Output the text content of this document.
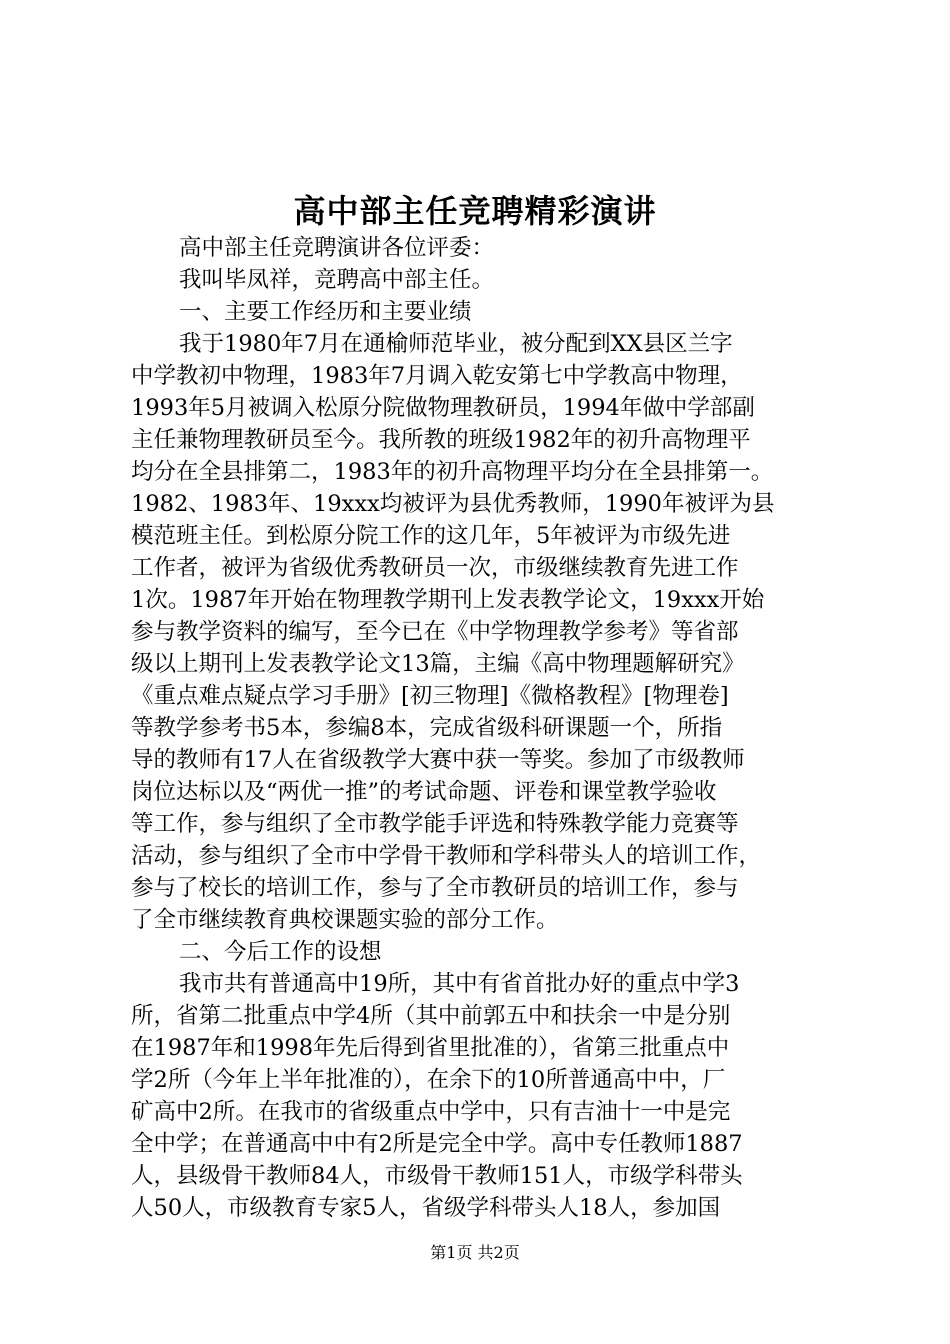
高中部主任竞聘精彩演讲

高中部主任竞聘演讲各位评委：

我叫毕凤祥，竞聘高中部主任。

一、主要工作经历和主要业绩

我于1980年7月在通榆师范毕业，被分配到XX县区兰字

中学教初中物理，1983年7月调入乾安第七中学教高中物理，

1993年5月被调入松原分院做物理教研员，1994年做中学部副

主任兼物理教研员至今。我所教的班级1982年的初升高物理平

均分在全县排第二，1983年的初升高物理平均分在全县排第一。

1982、1983年、19xxx均被评为县优秀教师，1990年被评为县

模范班主任。到松原分院工作的这几年，5年被评为市级先进

工作者，被评为省级优秀教研员一次，市级继续教育先进工作

1次。1987年开始在物理教学期刊上发表教学论文，19xxx开始

参与教学资料的编写，至今已在《中学物理教学参考》等省部

级以上期刊上发表教学论文13篇，主编《高中物理题解研究》

《重点难点疑点学习手册》[初三物理]《微格教程》[物理卷]

等教学参考书5本，参编8本，完成省级科研课题一个，所指

导的教师有17人在省级教学大赛中获一等奖。参加了市级教师

岗位达标以及“两优一推”的考试命题、评卷和课堂教学验收

等工作，参与组织了全市教学能手评选和特殊教学能力竞赛等

活动，参与组织了全市中学骨干教师和学科带头人的培训工作，

参与了校长的培训工作，参与了全市教研员的培训工作，参与

了全市继续教育典校课题实验的部分工作。

二、今后工作的设想

我市共有普通高中19所，其中有省首批办好的重点中学3

所，省第二批重点中学4所（其中前郭五中和扶余一中是分别

在1987年和1998年先后得到省里批准的），省第三批重点中

学2所（今年上半年批准的），在余下的10所普通高中中，厂

矿高中2所。在我市的省级重点中学中，只有吉油十一中是完

全中学；在普通高中中有2所是完全中学。高中专任教师1887

人，县级骨干教师84人，市级骨干教师151人，市级学科带头

人50人，市级教育专家5人，省级学科带头人18人，参加国

第1页 共2页
